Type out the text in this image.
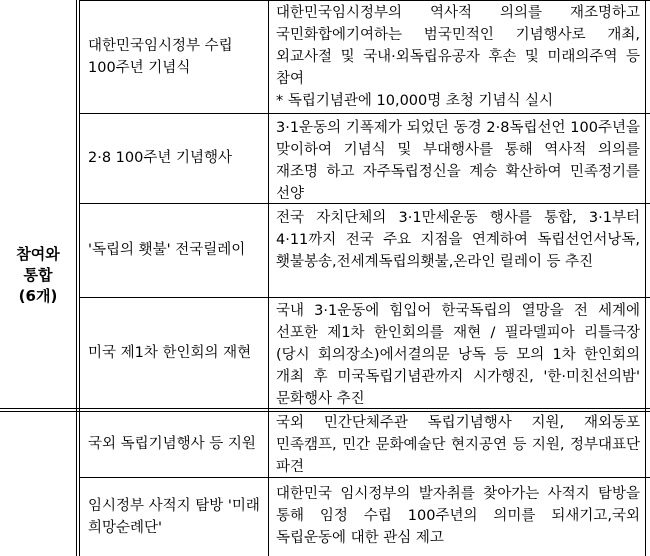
참여와
통합
(6개)
대한민국임시정부 수립 100주년 기념식
대한민국임시정부의 역사적 의의를 재조명하고 국민화합에기여하는 범국민적인 기념행사로 개최, 외교사절 및 국내·외독립유공자 후손 및 미래의주역 등 참여
* 독립기념관에 10,000명 초청 기념식 실시
2·8 100주년 기념행사
3·1운동의 기폭제가 되었던 동경 2·8독립선언 100주년을 맞이하여 기념식 및 부대행사를 통해 역사적 의의를 재조명 하고 자주독립정신을 계승 확산하여 민족정기를 선양
'독립의 횃불' 전국릴레이
전국 자치단체의 3·1만세운동 행사를 통합, 3·1부터 4·11까지 전국 주요 지점을 연계하여 독립선언서낭독,횃불봉송,전세계독립의횃불,온라인 릴레이 등 추진
미국 제1차 한인회의 재현
국내 3·1운동에 힘입어 한국독립의 열망을 전 세계에 선포한 제1차 한인회의를 재현 / 필라델피아 리틀극장 (당시 회의장소)에서결의문 낭독 등 모의 1차 한인회의 개최 후 미국독립기념관까지 시가행진, '한·미친선의밤' 문화행사 추진
국외 독립기념행사 등 지원
국외 민간단체주관 독립기념행사 지원, 재외동포 민족캠프, 민간 문화예술단 현지공연 등 지원, 정부대표단 파견
임시정부 사적지 탐방 '미래희망순례단'
대한민국 임시정부의 발자취를 찾아가는 사적지 탐방을 통해 임정 수립 100주년의 의미를 되새기고,국외 독립운동에 대한 관심 제고
